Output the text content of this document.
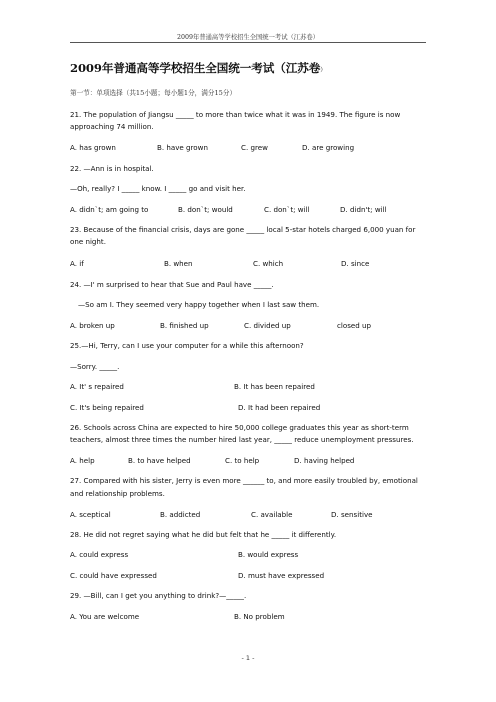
2009年普通高等学校招生全国统一考试（江苏卷）
2009年普通高等学校招生全国统一考试（江苏卷）
第一节：单项选择（共15小题；每小题1分，满分15分）
21. The population of Jiangsu _____ to more than twice what it was in 1949. The figure is now
approaching 74 million.
A. has grown	B. have grown	C. grew	D. are growing
22. —Ann is in hospital.
—Oh, really? I _____ know. I _____ go and visit her.
A. didn`t; am going to	B. don`t; would	C. don`t; will	D. didn't; will
23. Because of the financial crisis, days are gone _____ local 5-star hotels charged 6,000 yuan for
one night.
A. if	B. when	C. which	D. since
24. —I' m surprised to hear that Sue and Paul have _____.
—So am I. They seemed very happy together when I last saw them.
A. broken up	B. finished up	C. divided up	closed up
25.—Hi, Terry, can I use your computer for a while this afternoon?
—Sorry. _____.
A. It' s repaired	B. It has been repaired
C. It's being repaired	D. It had been repaired
26. Schools across China are expected to hire 50,000 college graduates this year as short-term
teachers, almost three times the number hired last year, _____ reduce unemployment pressures.
A. help	B. to have helped	C. to help	D. having helped
27. Compared with his sister, Jerry is even more ______ to, and more easily troubled by, emotional
and relationship problems.
A. sceptical	B. addicted	C. available	D. sensitive
28. He did not regret saying what he did but felt that he _____ it differently.
A. could express	B. would express
C. could have expressed	D. must have expressed
29. —Bill, can I get you anything to drink?—_____.
A. You are welcome	B. No problem
- 1 -
